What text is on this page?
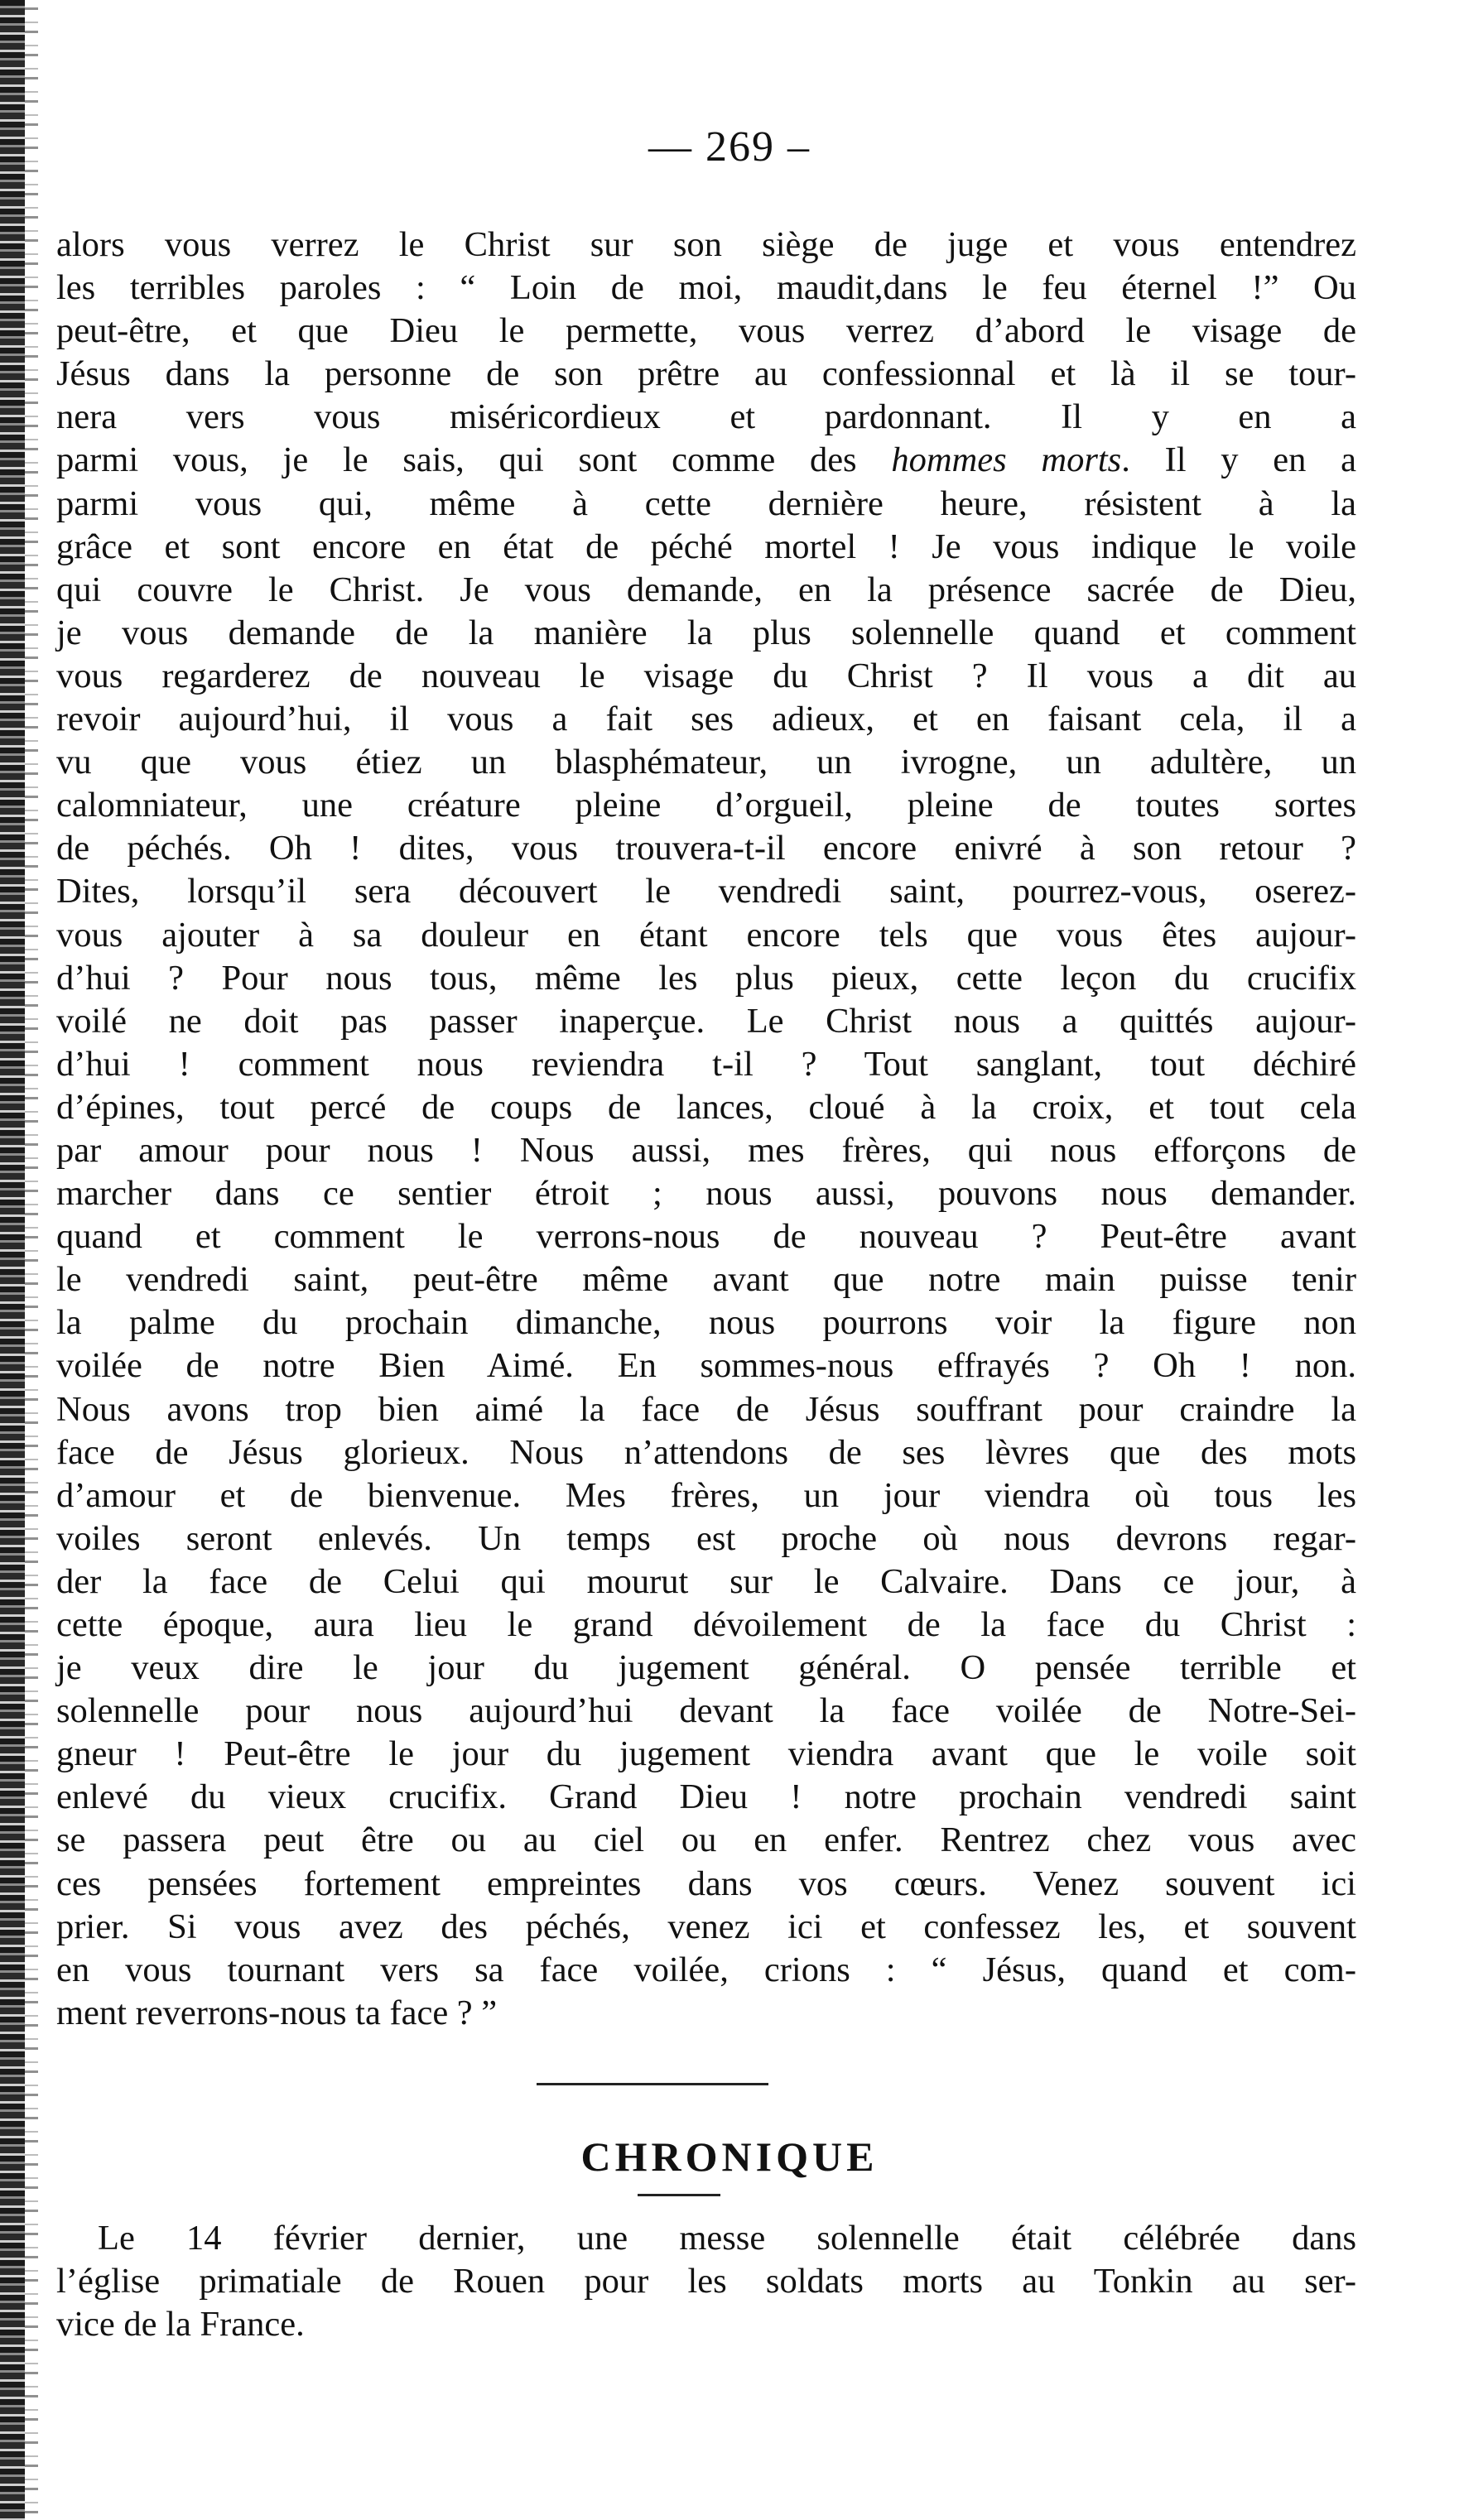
— 269 –
alors vous verrez le Christ sur son siège de juge et vous entendrez
les terribles paroles : “ Loin de moi, maudit,dans le feu éternel !” Ou
peut-être, et que Dieu le permette, vous verrez d’abord le visage de
Jésus dans la personne de son prêtre au confessionnal et là il se tour-
nera vers vous miséricordieux et pardonnant. Il y en a
parmi vous, je le sais, qui sont comme des hommes morts. Il y en a
parmi vous qui, même à cette dernière heure, résistent à la
grâce et sont encore en état de péché mortel ! Je vous indique le voile
qui couvre le Christ. Je vous demande, en la présence sacrée de Dieu,
je vous demande de la manière la plus solennelle quand et comment
vous regarderez de nouveau le visage du Christ ? Il vous a dit au
revoir aujourd’hui, il vous a fait ses adieux, et en faisant cela, il a
vu que vous étiez un blasphémateur, un ivrogne, un adultère, un
calomniateur, une créature pleine d’orgueil, pleine de toutes sortes
de péchés. Oh ! dites, vous trouvera-t-il encore enivré à son retour ?
Dites, lorsqu’il sera découvert le vendredi saint, pourrez-vous, oserez-
vous ajouter à sa douleur en étant encore tels que vous êtes aujour-
d’hui ? Pour nous tous, même les plus pieux, cette leçon du crucifix
voilé ne doit pas passer inaperçue. Le Christ nous a quittés aujour-
d’hui ! comment nous reviendra t-il ? Tout sanglant, tout déchiré
d’épines, tout percé de coups de lances, cloué à la croix, et tout cela
par amour pour nous ! Nous aussi, mes frères, qui nous efforçons de
marcher dans ce sentier étroit ; nous aussi, pouvons nous demander.
quand et comment le verrons-nous de nouveau ? Peut-être avant
le vendredi saint, peut-être même avant que notre main puisse tenir
la palme du prochain dimanche, nous pourrons voir la figure non
voilée de notre Bien Aimé. En sommes-nous effrayés ? Oh ! non.
Nous avons trop bien aimé la face de Jésus souffrant pour craindre la
face de Jésus glorieux. Nous n’attendons de ses lèvres que des mots
d’amour et de bienvenue. Mes frères, un jour viendra où tous les
voiles seront enlevés. Un temps est proche où nous devrons regar-
der la face de Celui qui mourut sur le Calvaire. Dans ce jour, à
cette époque, aura lieu le grand dévoilement de la face du Christ :
je veux dire le jour du jugement général. O pensée terrible et
solennelle pour nous aujourd’hui devant la face voilée de Notre-Sei-
gneur ! Peut-être le jour du jugement viendra avant que le voile soit
enlevé du vieux crucifix. Grand Dieu ! notre prochain vendredi saint
se passera peut être ou au ciel ou en enfer. Rentrez chez vous avec
ces pensées fortement empreintes dans vos cœurs. Venez souvent ici
prier. Si vous avez des péchés, venez ici et confessez les, et souvent
en vous tournant vers sa face voilée, crions : “ Jésus, quand et com-
ment reverrons-nous ta face ? ”
CHRONIQUE
Le 14 février dernier, une messe solennelle était célébrée dans
l’église primatiale de Rouen pour les soldats morts au Tonkin au ser-
vice de la France.
